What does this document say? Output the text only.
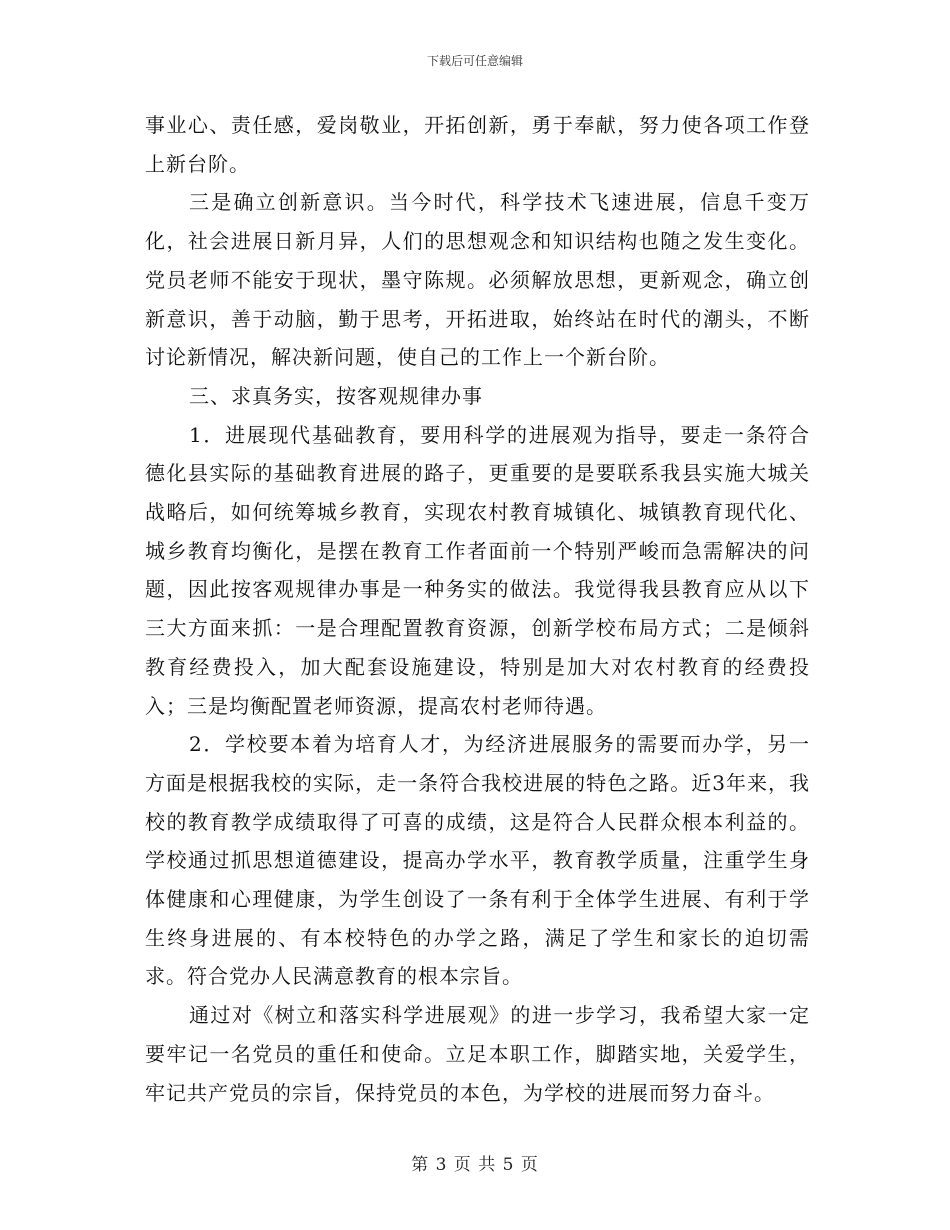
下载后可任意编辑

事业心、责任感，爱岗敬业，开拓创新，勇于奉献，努力使各项工作登上新台阶。

三是确立创新意识。当今时代，科学技术飞速进展，信息千变万化，社会进展日新月异，人们的思想观念和知识结构也随之发生变化。党员老师不能安于现状，墨守陈规。必须解放思想，更新观念，确立创新意识，善于动脑，勤于思考，开拓进取，始终站在时代的潮头，不断讨论新情况，解决新问题，使自己的工作上一个新台阶。

三、求真务实，按客观规律办事

1．进展现代基础教育，要用科学的进展观为指导，要走一条符合德化县实际的基础教育进展的路子，更重要的是要联系我县实施大城关战略后，如何统筹城乡教育，实现农村教育城镇化、城镇教育现代化、城乡教育均衡化，是摆在教育工作者面前一个特别严峻而急需解决的问题，因此按客观规律办事是一种务实的做法。我觉得我县教育应从以下三大方面来抓：一是合理配置教育资源，创新学校布局方式；二是倾斜教育经费投入，加大配套设施建设，特别是加大对农村教育的经费投入；三是均衡配置老师资源，提高农村老师待遇。

2．学校要本着为培育人才，为经济进展服务的需要而办学，另一方面是根据我校的实际，走一条符合我校进展的特色之路。近3年来，我校的教育教学成绩取得了可喜的成绩，这是符合人民群众根本利益的。学校通过抓思想道德建设，提高办学水平，教育教学质量，注重学生身体健康和心理健康，为学生创设了一条有利于全体学生进展、有利于学生终身进展的、有本校特色的办学之路，满足了学生和家长的迫切需求。符合党办人民满意教育的根本宗旨。

通过对《树立和落实科学进展观》的进一步学习，我希望大家一定要牢记一名党员的重任和使命。立足本职工作，脚踏实地，关爱学生，牢记共产党员的宗旨，保持党员的本色，为学校的进展而努力奋斗。

第 3 页 共 5 页
